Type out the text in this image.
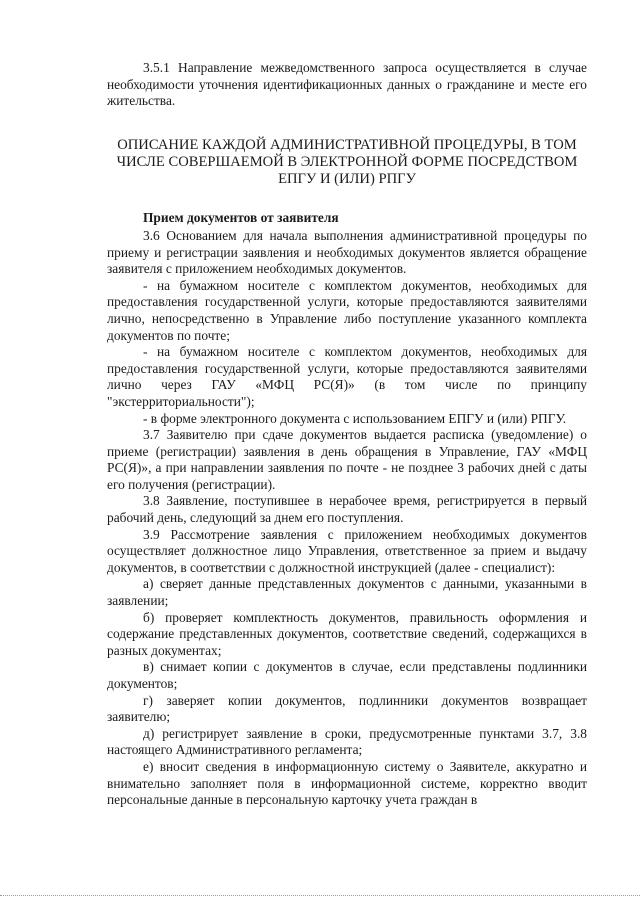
3.5.1 Направление межведомственного запроса осуществляется в случае необходимости уточнения идентификационных данных о гражданине и месте его жительства.

ОПИСАНИЕ КАЖДОЙ АДМИНИСТРАТИВНОЙ ПРОЦЕДУРЫ, В ТОМ ЧИСЛЕ СОВЕРШАЕМОЙ В ЭЛЕКТРОННОЙ ФОРМЕ ПОСРЕДСТВОМ ЕПГУ И (ИЛИ) РПГУ

Прием документов от заявителя

3.6 Основанием для начала выполнения административной процедуры по приему и регистрации заявления и необходимых документов является обращение заявителя с приложением необходимых документов.

- на бумажном носителе с комплектом документов, необходимых для предоставления государственной услуги, которые предоставляются заявителями лично, непосредственно в Управление либо поступление указанного комплекта документов по почте;

- на бумажном носителе с комплектом документов, необходимых для предоставления государственной услуги, которые предоставляются заявителями лично через ГАУ «МФЦ РС(Я)» (в том числе по принципу "экстерриториальности");

- в форме электронного документа с использованием ЕПГУ и (или) РПГУ.

3.7 Заявителю при сдаче документов выдается расписка (уведомление) о приеме (регистрации) заявления в день обращения в Управление, ГАУ «МФЦ РС(Я)», а при направлении заявления по почте - не позднее 3 рабочих дней с даты его получения (регистрации).

3.8 Заявление, поступившее в нерабочее время, регистрируется в первый рабочий день, следующий за днем его поступления.

3.9 Рассмотрение заявления с приложением необходимых документов осуществляет должностное лицо Управления, ответственное за прием и выдачу документов, в соответствии с должностной инструкцией (далее - специалист):

а) сверяет данные представленных документов с данными, указанными в заявлении;

б) проверяет комплектность документов, правильность оформления и содержание представленных документов, соответствие сведений, содержащихся в разных документах;

в) снимает копии с документов в случае, если представлены подлинники документов;

г) заверяет копии документов, подлинники документов возвращает заявителю;

д) регистрирует заявление в сроки, предусмотренные пунктами 3.7, 3.8 настоящего Административного регламента;

е) вносит сведения в информационную систему о Заявителе, аккуратно и внимательно заполняет поля в информационной системе, корректно вводит персональные данные в персональную карточку учета граждан в
